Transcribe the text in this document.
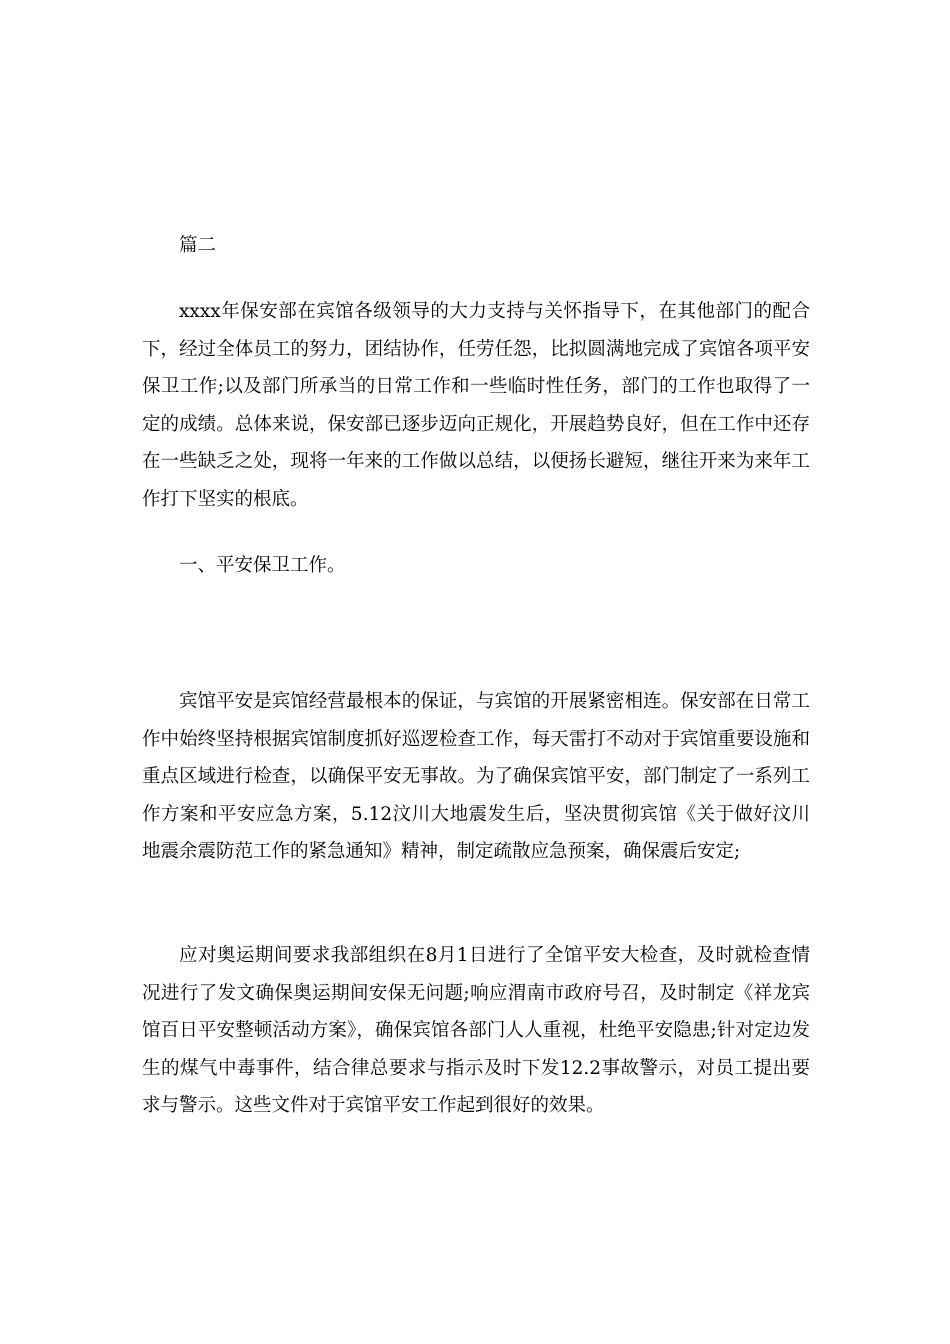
篇二

xxxx年保安部在宾馆各级领导的大力支持与关怀指导下，在其他部门的配合下，经过全体员工的努力，团结协作，任劳任怨，比拟圆满地完成了宾馆各项平安保卫工作;以及部门所承当的日常工作和一些临时性任务，部门的工作也取得了一定的成绩。总体来说，保安部已逐步迈向正规化，开展趋势良好，但在工作中还存在一些缺乏之处，现将一年来的工作做以总结，以便扬长避短，继往开来为来年工作打下坚实的根底。

一、平安保卫工作。

宾馆平安是宾馆经营最根本的保证，与宾馆的开展紧密相连。保安部在日常工作中始终坚持根据宾馆制度抓好巡逻检查工作，每天雷打不动对于宾馆重要设施和重点区域进行检查，以确保平安无事故。为了确保宾馆平安，部门制定了一系列工作方案和平安应急方案，5.12汶川大地震发生后，坚决贯彻宾馆《关于做好汶川地震余震防范工作的紧急通知》精神，制定疏散应急预案，确保震后安定;

应对奥运期间要求我部组织在8月1日进行了全馆平安大检查，及时就检查情况进行了发文确保奥运期间安保无问题;响应渭南市政府号召，及时制定《祥龙宾馆百日平安整顿活动方案》，确保宾馆各部门人人重视，杜绝平安隐患;针对定边发生的煤气中毒事件，结合律总要求与指示及时下发12.2事故警示，对员工提出要求与警示。这些文件对于宾馆平安工作起到很好的效果。
